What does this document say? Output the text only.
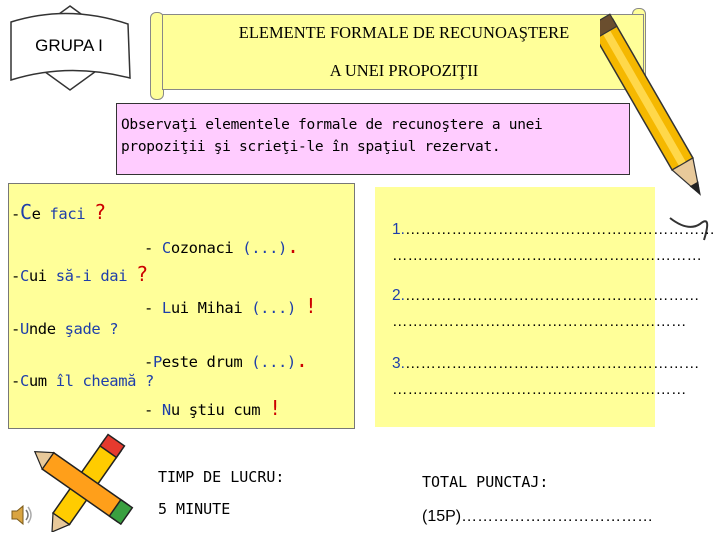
GRUPA I
ELEMENTE FORMALE DE RECUNOAŞTERE
A UNEI PROPOZIŢII
Observaţi elementele formale de recunoştere a unei
propoziţii şi scrieţi-le în spaţiul rezervat.
-Ce faci ?
- Cozonaci (...).
-Cui să-i dai ?
- Lui Mihai (...) !
-Unde şade ?
-Peste drum (...).
-Cum îl cheamă ?
- Nu ştiu cum !
1.……………………………………………………
……………………………………………………
2.…………………………………………………
…………………………………………………
3.…………………………………………………
…………………………………………………
TIMP DE LUCRU:
5 MINUTE
TOTAL PUNCTAJ:
(15P)………………………………
